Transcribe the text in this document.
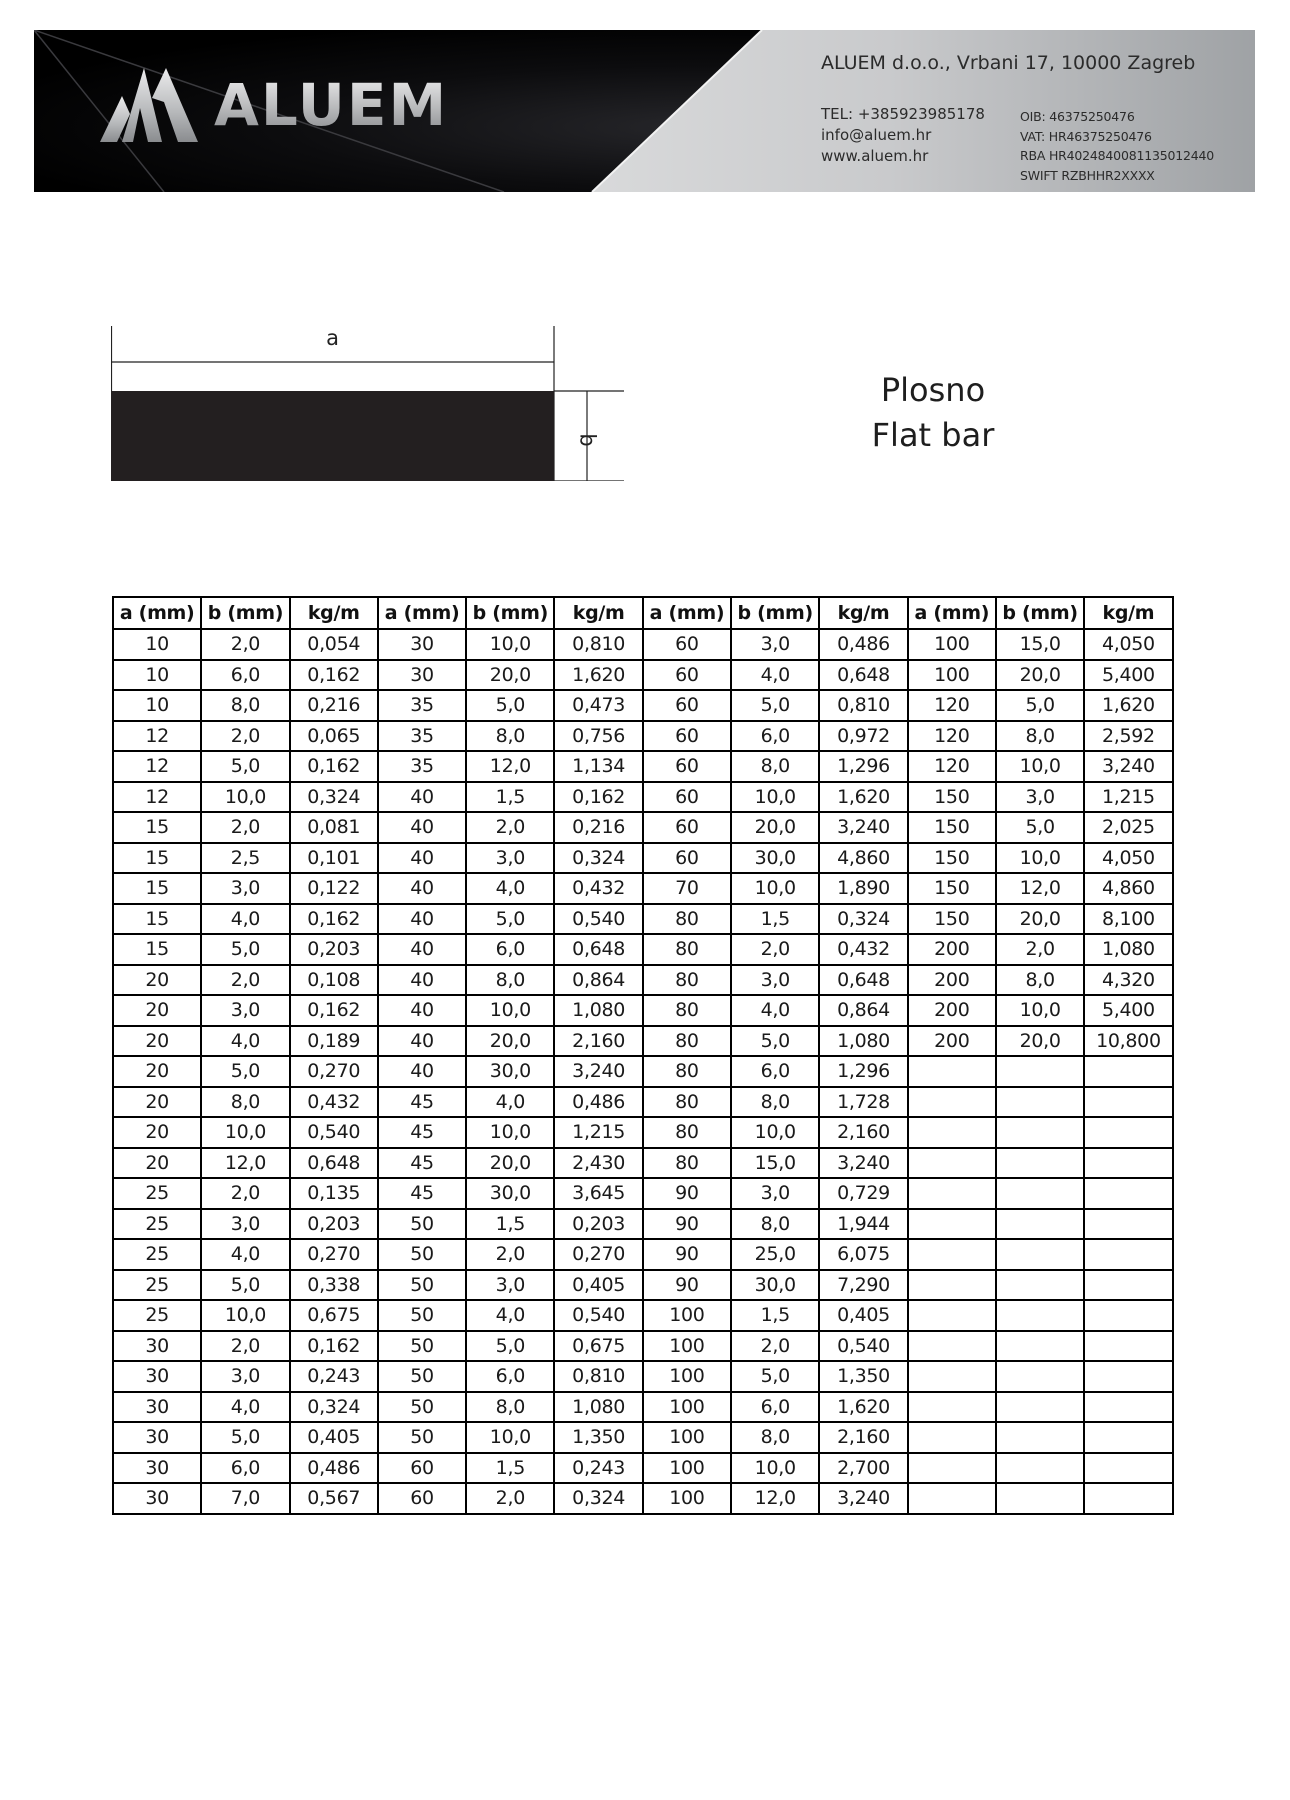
ALUEM
ALUEM d.o.o., Vrbani 17, 10000 Zagreb
TEL: +385923985178
info@aluem.hr
www.aluem.hr
OIB: 46375250476
VAT: HR46375250476
RBA HR4024840081135012440
SWIFT RZBHHR2XXXX
a
b
Plosno
Flat bar
a (mm)	b (mm)	kg/m	a (mm)	b (mm)	kg/m	a (mm)	b (mm)	kg/m	a (mm)	b (mm)	kg/m
10	2,0	0,054	30	10,0	0,810	60	3,0	0,486	100	15,0	4,050
10	6,0	0,162	30	20,0	1,620	60	4,0	0,648	100	20,0	5,400
10	8,0	0,216	35	5,0	0,473	60	5,0	0,810	120	5,0	1,620
12	2,0	0,065	35	8,0	0,756	60	6,0	0,972	120	8,0	2,592
12	5,0	0,162	35	12,0	1,134	60	8,0	1,296	120	10,0	3,240
12	10,0	0,324	40	1,5	0,162	60	10,0	1,620	150	3,0	1,215
15	2,0	0,081	40	2,0	0,216	60	20,0	3,240	150	5,0	2,025
15	2,5	0,101	40	3,0	0,324	60	30,0	4,860	150	10,0	4,050
15	3,0	0,122	40	4,0	0,432	70	10,0	1,890	150	12,0	4,860
15	4,0	0,162	40	5,0	0,540	80	1,5	0,324	150	20,0	8,100
15	5,0	0,203	40	6,0	0,648	80	2,0	0,432	200	2,0	1,080
20	2,0	0,108	40	8,0	0,864	80	3,0	0,648	200	8,0	4,320
20	3,0	0,162	40	10,0	1,080	80	4,0	0,864	200	10,0	5,400
20	4,0	0,189	40	20,0	2,160	80	5,0	1,080	200	20,0	10,800
20	5,0	0,270	40	30,0	3,240	80	6,0	1,296			
20	8,0	0,432	45	4,0	0,486	80	8,0	1,728			
20	10,0	0,540	45	10,0	1,215	80	10,0	2,160			
20	12,0	0,648	45	20,0	2,430	80	15,0	3,240			
25	2,0	0,135	45	30,0	3,645	90	3,0	0,729			
25	3,0	0,203	50	1,5	0,203	90	8,0	1,944			
25	4,0	0,270	50	2,0	0,270	90	25,0	6,075			
25	5,0	0,338	50	3,0	0,405	90	30,0	7,290			
25	10,0	0,675	50	4,0	0,540	100	1,5	0,405			
30	2,0	0,162	50	5,0	0,675	100	2,0	0,540			
30	3,0	0,243	50	6,0	0,810	100	5,0	1,350			
30	4,0	0,324	50	8,0	1,080	100	6,0	1,620			
30	5,0	0,405	50	10,0	1,350	100	8,0	2,160			
30	6,0	0,486	60	1,5	0,243	100	10,0	2,700			
30	7,0	0,567	60	2,0	0,324	100	12,0	3,240			
